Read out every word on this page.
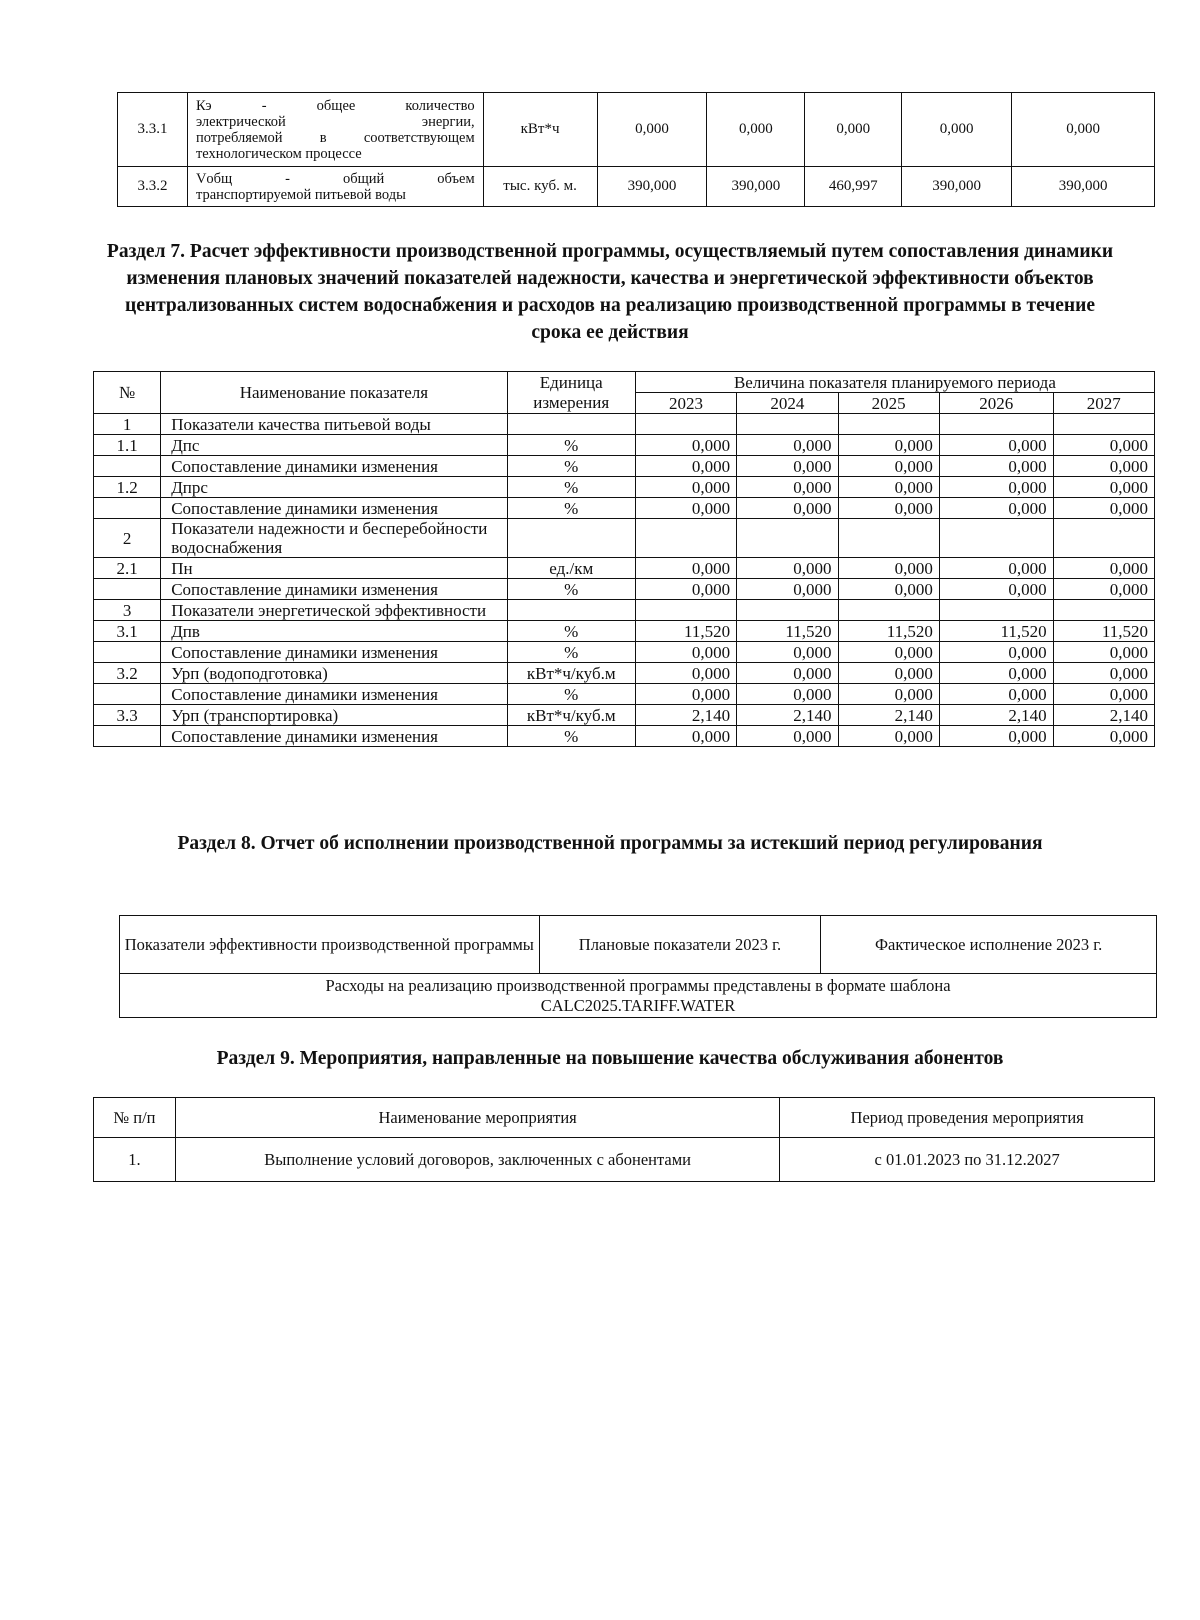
3.3.1	Кэ - общее количество
электрической энергии,
потребляемой в соответствующем
технологическом процессе	кВт*ч	0,000	0,000	0,000	0,000	0,000
3.3.2	Vобщ - общий объем
транспортируемой питьевой воды	тыс. куб. м.	390,000	390,000	460,997	390,000	390,000
Раздел 7. Расчет эффективности производственной программы, осуществляемый путем сопоставления динамики изменения плановых значений показателей надежности, качества и энергетической эффективности объектов централизованных систем водоснабжения и расходов на реализацию производственной программы в течение срока ее действия
№	Наименование показателя	Единица	Величина показателя планируемого периода				
		измерения	2023	2024	2025	2026	2027
1	Показатели качества питьевой воды						
1.1	Дпс	%	0,000	0,000	0,000	0,000	0,000
	Сопоставление динамики изменения	%	0,000	0,000	0,000	0,000	0,000
1.2	Дпрс	%	0,000	0,000	0,000	0,000	0,000
	Сопоставление динамики изменения	%	0,000	0,000	0,000	0,000	0,000
2	Показатели надежности и бесперебойности водоснабжения						
2.1	Пн	ед./км	0,000	0,000	0,000	0,000	0,000
	Сопоставление динамики изменения	%	0,000	0,000	0,000	0,000	0,000
3	Показатели энергетической эффективности						
3.1	Дпв	%	11,520	11,520	11,520	11,520	11,520
	Сопоставление динамики изменения	%	0,000	0,000	0,000	0,000	0,000
3.2	Урп (водоподготовка)	кВт*ч/куб.м	0,000	0,000	0,000	0,000	0,000
	Сопоставление динамики изменения	%	0,000	0,000	0,000	0,000	0,000
3.3	Урп (транспортировка)	кВт*ч/куб.м	2,140	2,140	2,140	2,140	2,140
	Сопоставление динамики изменения	%	0,000	0,000	0,000	0,000	0,000
Раздел 8. Отчет об исполнении производственной программы за истекший период регулирования
Показатели эффективности производственной программы	Плановые показатели 2023 г.	Фактическое исполнение 2023 г.

Расходы на реализацию производственной программы представлены в формате шаблона
CALC2025.TARIFF.WATER
Раздел 9. Мероприятия, направленные на повышение качества обслуживания абонентов
№ п/п	Наименование мероприятия	Период проведения мероприятия
1.	Выполнение условий договоров, заключенных с абонентами	с 01.01.2023 по 31.12.2027
